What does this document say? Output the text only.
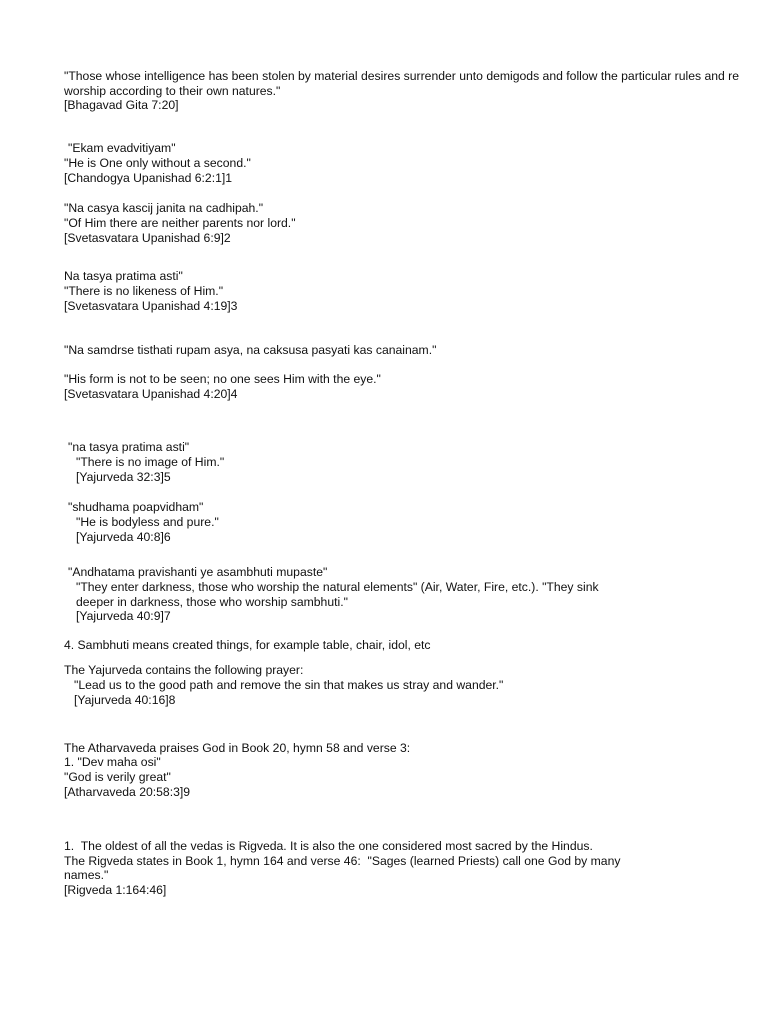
"Those whose intelligence has been stolen by material desires surrender unto demigods and follow the particular rules and re

worship according to their own natures."

[Bhagavad Gita 7:20]

"Ekam evadvitiyam"

"He is One only without a second."

[Chandogya Upanishad 6:2:1]1

"Na casya kascij janita na cadhipah."

"Of Him there are neither parents nor lord."

[Svetasvatara Upanishad 6:9]2

Na tasya pratima asti"

"There is no likeness of Him."

[Svetasvatara Upanishad 4:19]3

"Na samdrse tisthati rupam asya, na caksusa pasyati kas canainam."

"His form is not to be seen; no one sees Him with the eye."

[Svetasvatara Upanishad 4:20]4

"na tasya pratima asti"

"There is no image of Him."

[Yajurveda 32:3]5

"shudhama poapvidham"

"He is bodyless and pure."

[Yajurveda 40:8]6

"Andhatama pravishanti ye asambhuti mupaste"

"They enter darkness, those who worship the natural elements" (Air, Water, Fire, etc.). "They sink

deeper in darkness, those who worship sambhuti."

[Yajurveda 40:9]7

4. Sambhuti means created things, for example table, chair, idol, etc

The Yajurveda contains the following prayer:

"Lead us to the good path and remove the sin that makes us stray and wander."

[Yajurveda 40:16]8

The Atharvaveda praises God in Book 20, hymn 58 and verse 3:

1. "Dev maha osi"

"God is verily great"

[Atharvaveda 20:58:3]9

1.  The oldest of all the vedas is Rigveda. It is also the one considered most sacred by the Hindus.

The Rigveda states in Book 1, hymn 164 and verse 46:  "Sages (learned Priests) call one God by many

names."

[Rigveda 1:164:46]
